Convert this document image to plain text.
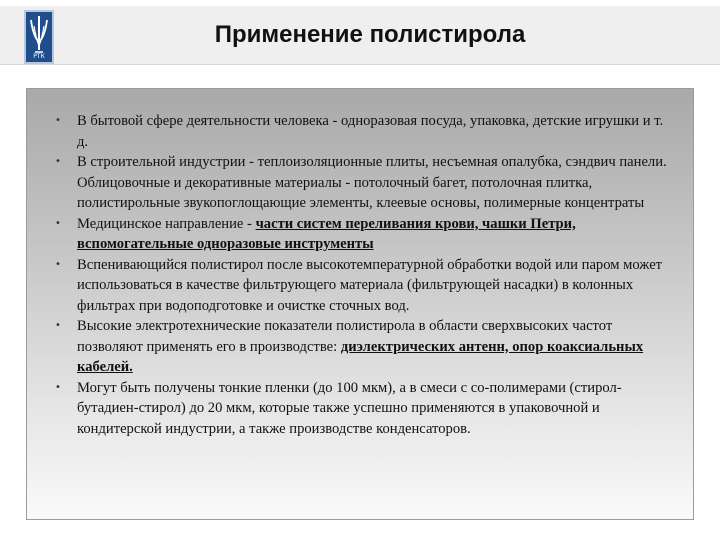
РТК
Применение полистирола
• В бытовой сфере деятельности человека - одноразовая посуда, упаковка, детские игрушки и т. д.
• В строительной индустрии - теплоизоляционные плиты, несъемная опалубка, сэндвич панели. Облицовочные и декоративные материалы - потолочный багет, потолочная плитка, полистирольные звукопоглощающие элементы, клеевые основы, полимерные концентраты
• Медицинское направление - части систем переливания крови, чашки Петри, вспомогательные одноразовые инструменты
• Вспенивающийся полистирол после высокотемпературной обработки водой или паром может использоваться в качестве фильтрующего материала (фильтрующей насадки) в колонных фильтрах при водоподготовке и очистке сточных вод.
• Высокие электротехнические показатели полистирола в области сверхвысоких частот позволяют применять его в производстве: диэлектрических антенн, опор коаксиальных кабелей.
• Могут быть получены тонкие пленки (до 100 мкм), а в смеси с со-полимерами (стирол-бутадиен-стирол) до 20 мкм, которые также успешно применяются в упаковочной и кондитерской индустрии, а также производстве конденсаторов.
